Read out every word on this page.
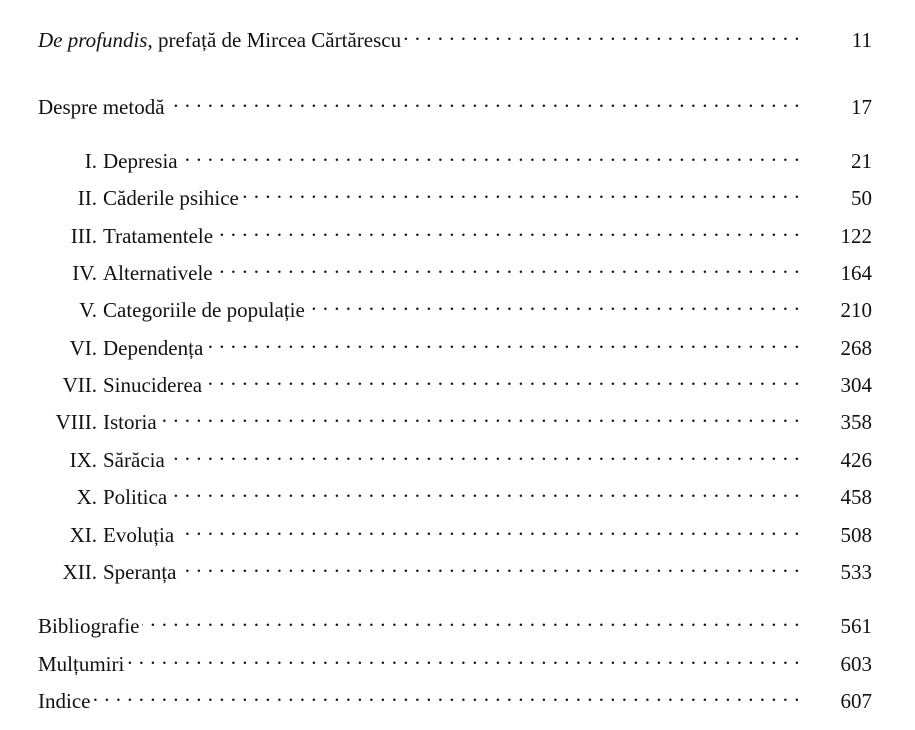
De profundis, prefață de Mircea Cărtărescu . . .	11
Despre metodă . . .	17
I. Depresia . . .	21
II. Căderile psihice . . .	50
III. Tratamentele . . .	122
IV. Alternativele . . .	164
V. Categoriile de populație . . .	210
VI. Dependența . . .	268
VII. Sinuciderea . . .	304
VIII. Istoria . . .	358
IX. Sărăcia . . .	426
X. Politica . . .	458
XI. Evoluția . . .	508
XII. Speranța . . .	533
Bibliografie . . .	561
Mulțumiri . . .	603
Indice . . .	607
